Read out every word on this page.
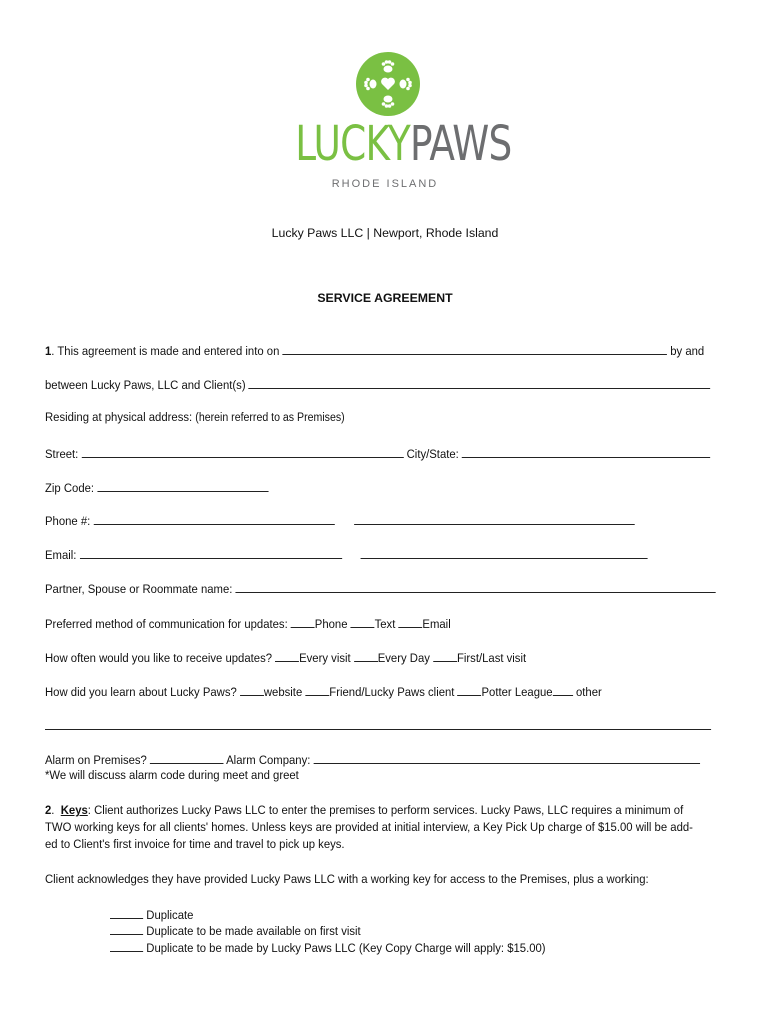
LUCKYPAWS
RHODE ISLAND
Lucky Paws LLC | Newport, Rhode Island
SERVICE AGREEMENT
1. This agreement is made and entered into on	by and
between Lucky Paws, LLC and Client(s)
Residing at physical address: (herein referred to as Premises)
Street:	City/State:
Zip Code:
Phone #:
Email:
Partner, Spouse or Roommate name:
Preferred method of communication for updates: Phone Text Email
How often would you like to receive updates? Every visit Every Day First/Last visit
How did you learn about Lucky Paws? website Friend/Lucky Paws client Potter League other
Alarm on Premises?	Alarm Company:
*We will discuss alarm code during meet and greet
2.  Keys: Client authorizes Lucky Paws LLC to enter the premises to perform services. Lucky Paws, LLC requires a minimum of
TWO working keys for all clients' homes. Unless keys are provided at initial interview, a Key Pick Up charge of $15.00 will be add-
ed to Client's first invoice for time and travel to pick up keys.
Client acknowledges they have provided Lucky Paws LLC with a working key for access to the Premises, plus a working:
Duplicate
Duplicate to be made available on first visit
Duplicate to be made by Lucky Paws LLC (Key Copy Charge will apply: $15.00)
